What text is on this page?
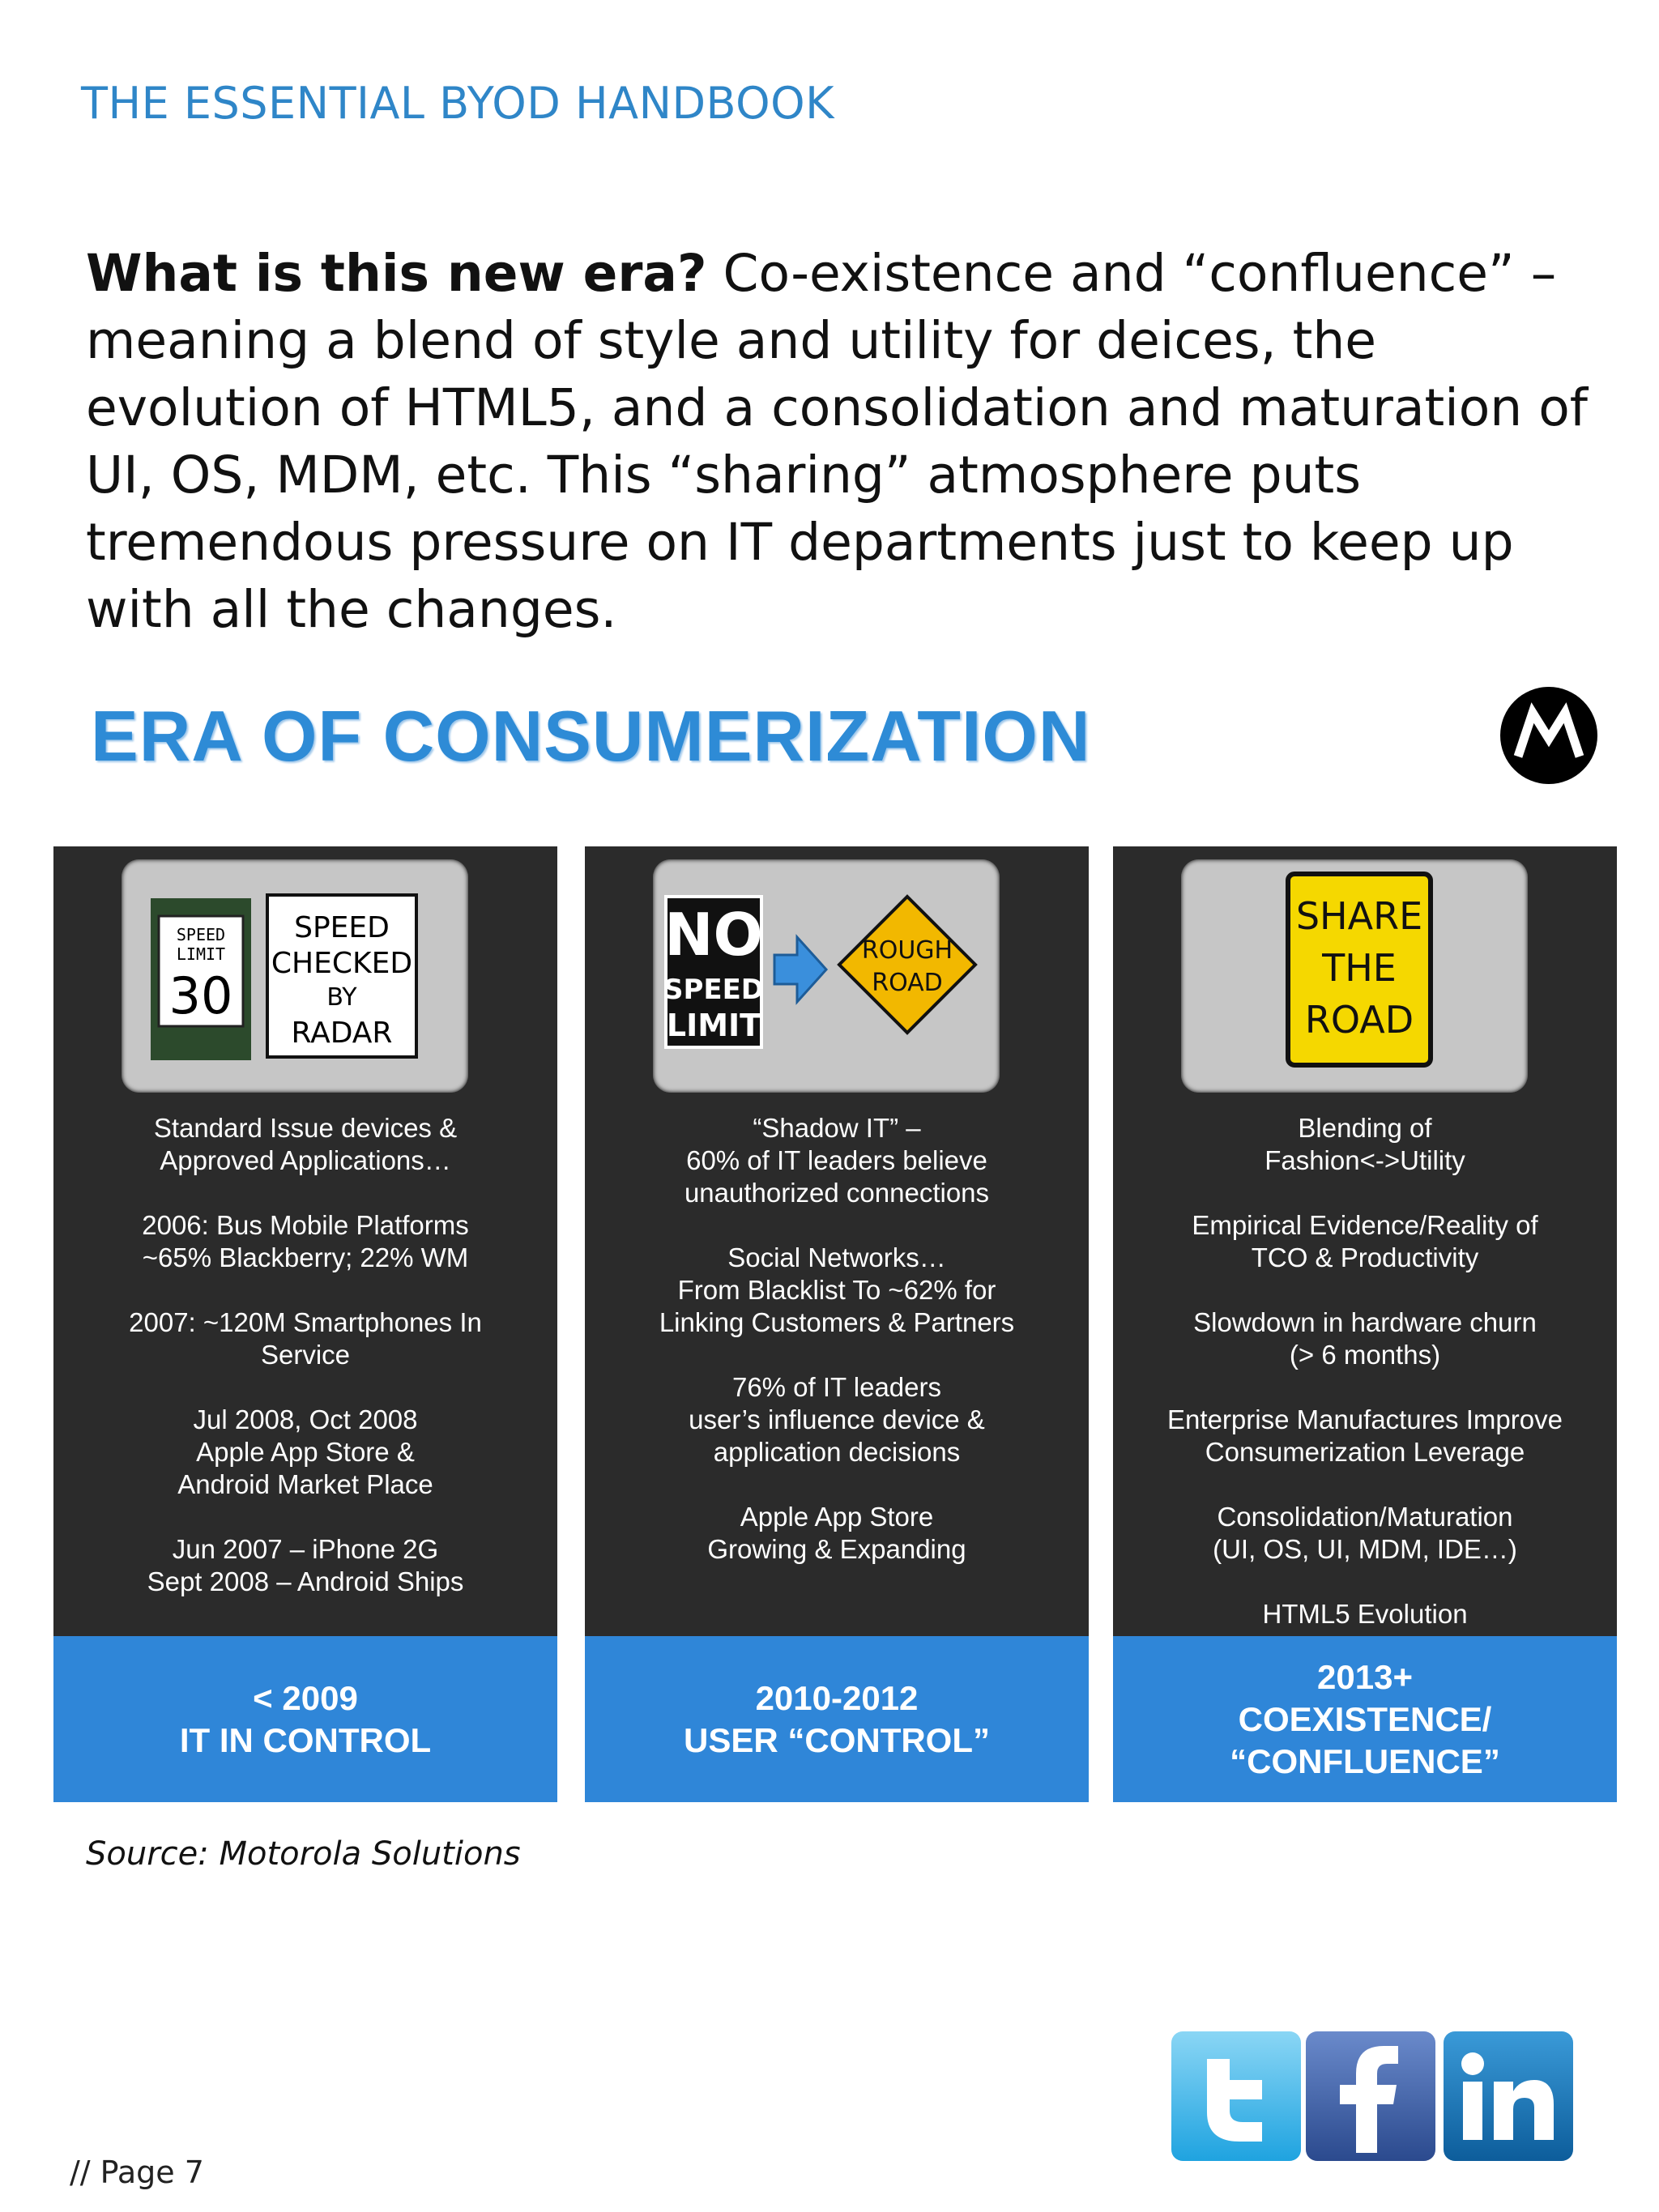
THE ESSENTIAL BYOD HANDBOOK
What is this new era? Co-existence and “confluence” – meaning a blend of style and utility for deices, the evolution of HTML5, and a consolidation and maturation of UI, OS, MDM, etc. This “sharing” atmosphere puts tremendous pressure on IT departments just to keep up with all the changes.
ERA OF CONSUMERIZATION
SPEED
LIMIT
30
SPEED
CHECKED
BY
RADAR

Standard Issue devices &
Approved Applications…

2006: Bus Mobile Platforms
~65% Blackberry; 22% WM

2007: ~120M Smartphones In
Service

Jul 2008, Oct 2008
Apple App Store &
Android Market Place

Jun 2007 – iPhone 2G
Sept 2008 – Android Ships

NO
SPEED
LIMIT
ROUGH
ROAD

“Shadow IT” –
60% of IT leaders believe
unauthorized connections

Social Networks…
From Blacklist To ~62% for
Linking Customers & Partners

76% of IT leaders
user’s influence device &
application decisions

Apple App Store
Growing & Expanding

SHARE
THE
ROAD

Blending of
Fashion<->Utility

Empirical Evidence/Reality of
TCO & Productivity

Slowdown in hardware churn
(> 6 months)

Enterprise Manufactures Improve
Consumerization Leverage

Consolidation/Maturation
(UI, OS, UI, MDM, IDE…)

HTML5 Evolution

< 2009
IT IN CONTROL
2010-2012
USER “CONTROL”
2013+
COEXISTENCE/
“CONFLUENCE”
Source: Motorola Solutions
// Page 7
